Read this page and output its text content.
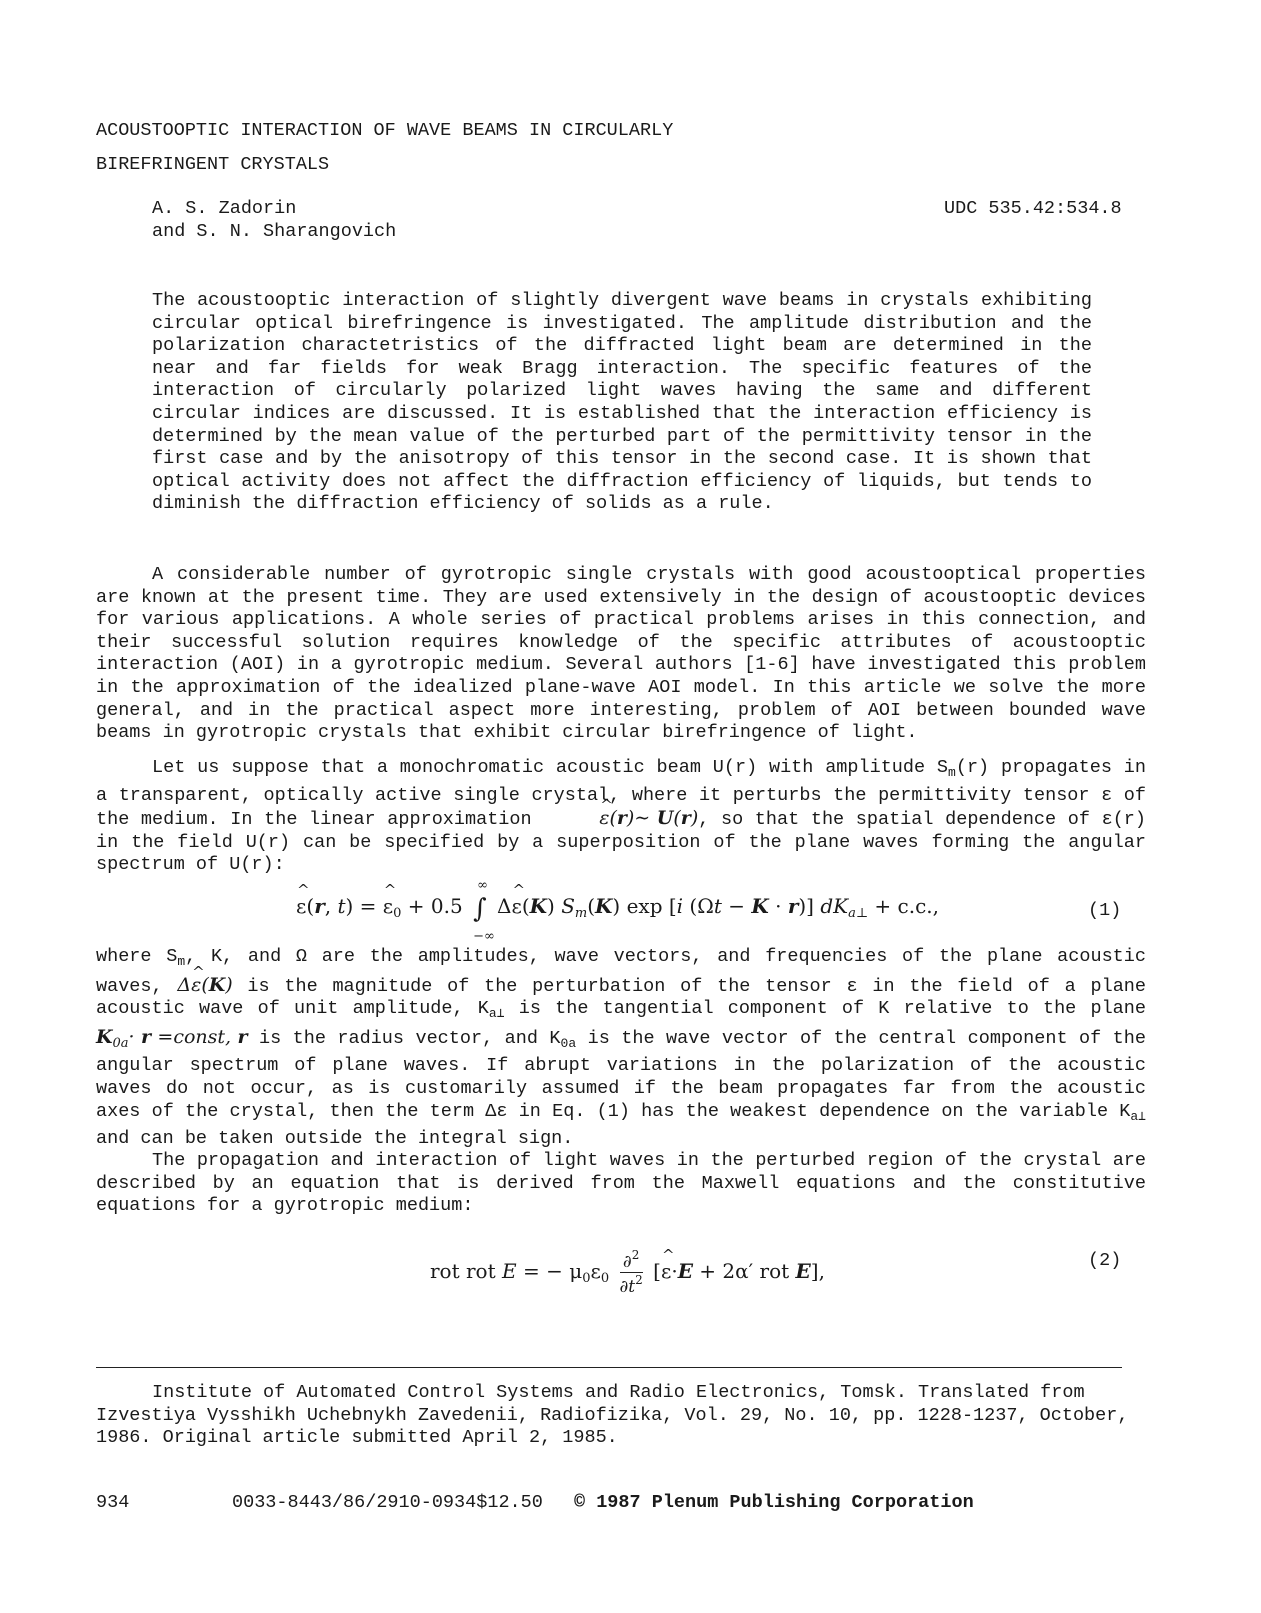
ACOUSTOOPTIC INTERACTION OF WAVE BEAMS IN CIRCULARLY
BIREFRINGENT CRYSTALS
A. S. Zadorin
and S. N. Sharangovich
UDC 535.42:534.8
The acoustooptic interaction of slightly divergent wave beams in crystals exhibiting circular optical birefringence is investigated. The amplitude distribution and the polarization charactetristics of the diffracted light beam are determined in the near and far fields for weak Bragg interaction. The specific features of the interaction of circularly polarized light waves having the same and different circular indices are discussed. It is established that the interaction efficiency is determined by the mean value of the perturbed part of the permittivity tensor in the first case and by the anisotropy of this tensor in the second case. It is shown that optical activity does not affect the diffraction efficiency of liquids, but tends to diminish the diffraction efficiency of solids as a rule.
A considerable number of gyrotropic single crystals with good acoustooptical properties are known at the present time. They are used extensively in the design of acoustooptic devices for various applications. A whole series of practical problems arises in this connection, and their successful solution requires knowledge of the specific attributes of acoustooptic interaction (AOI) in a gyrotropic medium. Several authors [1-6] have investigated this problem in the approximation of the idealized plane-wave AOI model. In this article we solve the more general, and in the practical aspect more interesting, problem of AOI between bounded wave beams in gyrotropic crystals that exhibit circular birefringence of light.
Let us suppose that a monochromatic acoustic beam U(r) with amplitude $S_m(r)$ propagates in a transparent, optically active single crystal, where it perturbs the permittivity tensor ε of the medium. In the linear approximation ^	ε(r)∼ U(r), so that the spatial dependence of ε(r) in the field U(r) can be specified by a superposition of the plane waves forming the angular spectrum of U(r):
^ ε(r, t) = ^ $\varepsilon_0 + 0.5$ ∫
∞
−∞
Δ^ ε(K) $S_m(K)$ exp [i (Ωt − K · r)] $dK_{a\perp} + c.c$.,	(1)
where $S_m$, K, and Ω are the amplitudes, wave vectors, and frequencies of the plane acoustic waves, Δ^ ε(K) is the magnitude of the perturbation of the tensor ε in the field of a plane acoustic wave of unit amplitude, $K_{a\perp}$ is the tangential component of K relative to the plane $K_{0a}\cdot r$ =const, r is the radius vector, and $K_{0a}$ is the wave vector of the central component of the angular spectrum of plane waves. If abrupt variations in the polarization of the acoustic waves do not occur, as is customarily assumed if the beam propagates far from the acoustic axes of the crystal, then the term Δε in Eq. (1) has the weakest dependence on the variable $K_{a\perp}$ and can be taken outside the integral sign.
The propagation and interaction of light waves in the perturbed region of the crystal are described by an equation that is derived from the Maxwell equations and the constitutive equations for a gyrotropic medium:
rot rot E = − $\mu_0\varepsilon_0 \frac{\partial^2}{\partial t^2}$ [^ ε·E + 2α′ rot E],	(2)
Institute of Automated Control Systems and Radio Electronics, Tomsk. Translated from Izvestiya Vysshikh Uchebnykh Zavedenii, Radiofizika, Vol. 29, No. 10, pp. 1228-1237, October, 1986. Original article submitted April 2, 1985.
934	0033-8443/86/2910-0934$12.50 © 1987 Plenum Publishing Corporation
